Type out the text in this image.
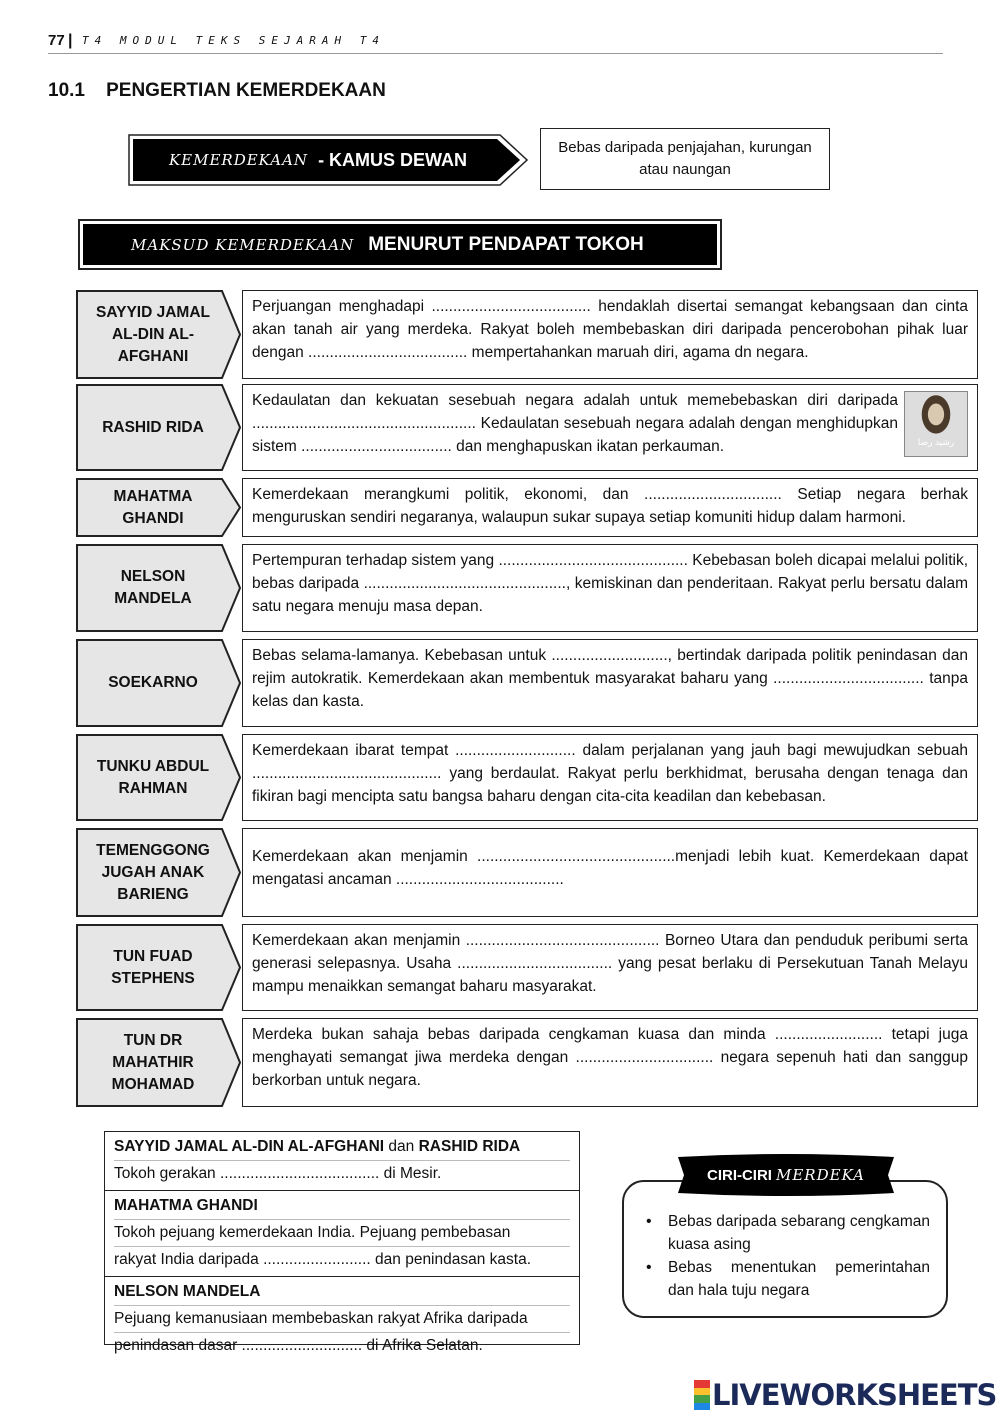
77 | T4 MODUL TEKS SEJARAH T4
10.1 PENGERTIAN KEMERDEKAAN
KEMERDEKAAN - KAMUS DEWAN
Bebas daripada penjajahan, kurungan atau naungan
MAKSUD KEMERDEKAAN MENURUT PENDAPAT TOKOH
SAYYID JAMAL AL-DIN AL-AFGHANI
Perjuangan menghadapi ..................................... hendaklah disertai semangat kebangsaan dan cinta akan tanah air yang merdeka. Rakyat boleh membebaskan diri daripada pencerobohan pihak luar dengan ..................................... mempertahankan maruah diri, agama dn negara.
RASHID RIDA
رشيد رضا
Kedaulatan dan kekuatan sesebuah negara adalah untuk memebebaskan diri daripada .................................................... Kedaulatan sesebuah negara adalah dengan menghidupkan sistem ................................... dan menghapuskan ikatan perkauman.
MAHATMA GHANDI
Kemerdekaan merangkumi politik, ekonomi, dan ................................ Setiap negara berhak menguruskan sendiri negaranya, walaupun sukar supaya setiap komuniti hidup dalam harmoni.
NELSON MANDELA
Pertempuran terhadap sistem yang ............................................ Kebebasan boleh dicapai melalui politik, bebas daripada ..............................................., kemiskinan dan penderitaan. Rakyat perlu bersatu dalam satu negara menuju masa depan.
SOEKARNO
Bebas selama-lamanya. Kebebasan untuk ..........................., bertindak daripada politik penindasan dan rejim autokratik. Kemerdekaan akan membentuk masyarakat baharu yang ................................... tanpa kelas dan kasta.
TUNKU ABDUL RAHMAN
Kemerdekaan ibarat tempat ............................ dalam perjalanan yang jauh bagi mewujudkan sebuah ............................................ yang berdaulat. Rakyat perlu berkhidmat, berusaha dengan tenaga dan fikiran bagi mencipta satu bangsa baharu dengan cita-cita keadilan dan kebebasan.
TEMENGGONG JUGAH ANAK BARIENG
Kemerdekaan akan menjamin ..............................................menjadi lebih kuat. Kemerdekaan dapat mengatasi ancaman .......................................
TUN FUAD STEPHENS
Kemerdekaan akan menjamin ............................................. Borneo Utara dan penduduk peribumi serta generasi selepasnya. Usaha .................................... yang pesat berlaku di Persekutuan Tanah Melayu mampu menaikkan semangat baharu masyarakat.
TUN DR MAHATHIR MOHAMAD
Merdeka bukan sahaja bebas daripada cengkaman kuasa dan minda ......................... tetapi juga menghayati semangat jiwa merdeka dengan ................................ negara sepenuh hati dan sanggup berkorban untuk negara.
SAYYID JAMAL AL-DIN AL-AFGHANI dan RASHID RIDA
Tokoh gerakan ..................................... di Mesir.
MAHATMA GHANDI
Tokoh pejuang kemerdekaan India. Pejuang pembebasan
rakyat India daripada ......................... dan penindasan kasta.
NELSON MANDELA
Pejuang kemanusiaan membebaskan rakyat Afrika daripada
penindasan dasar ............................ di Afrika Selatan.
• Bebas daripada sebarang cengkaman kuasa asing
• Bebas menentukan pemerintahan dan hala tuju negara
CIRI-CIRI MERDEKA
LIVEWORKSHEETS
